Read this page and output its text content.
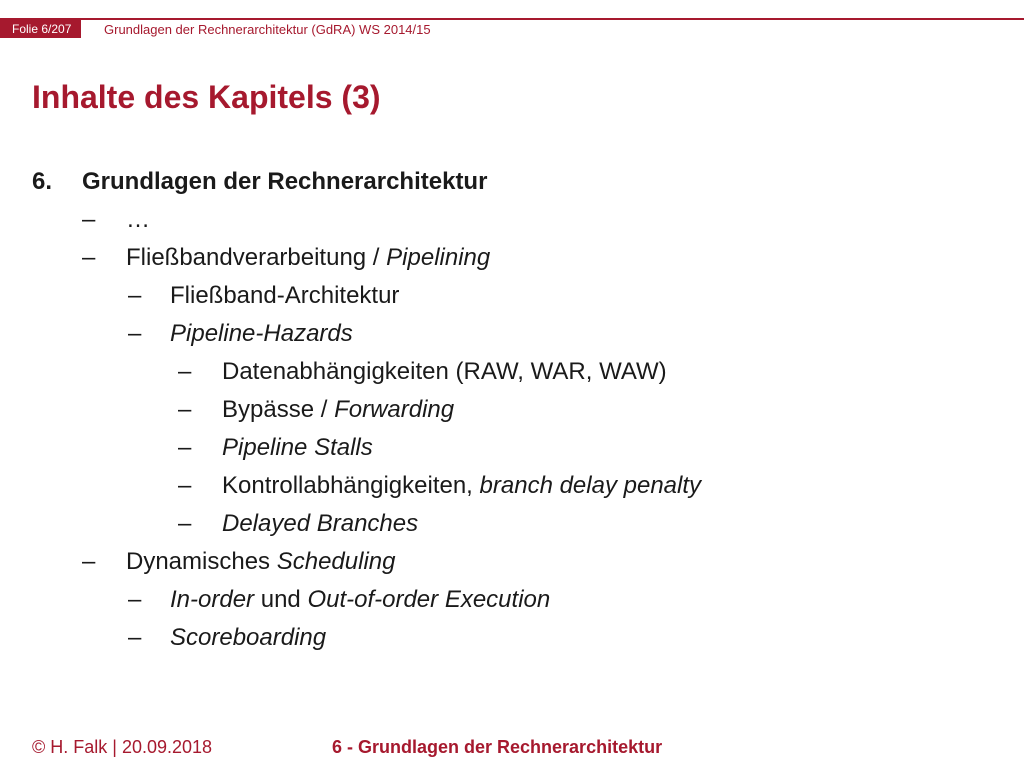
Folie 6/207	Grundlagen der Rechnerarchitektur (GdRA) WS 2014/15
Inhalte des Kapitels (3)
6. Grundlagen der Rechnerarchitektur
– …
– Fließbandverarbeitung / Pipelining
– Fließband-Architektur
– Pipeline-Hazards
– Datenabhängigkeiten (RAW, WAR, WAW)
– Bypässe / Forwarding
– Pipeline Stalls
– Kontrollabhängigkeiten, branch delay penalty
– Delayed Branches
– Dynamisches Scheduling
– In-order und Out-of-order Execution
– Scoreboarding
© H. Falk | 20.09.2018	6 - Grundlagen der Rechnerarchitektur
